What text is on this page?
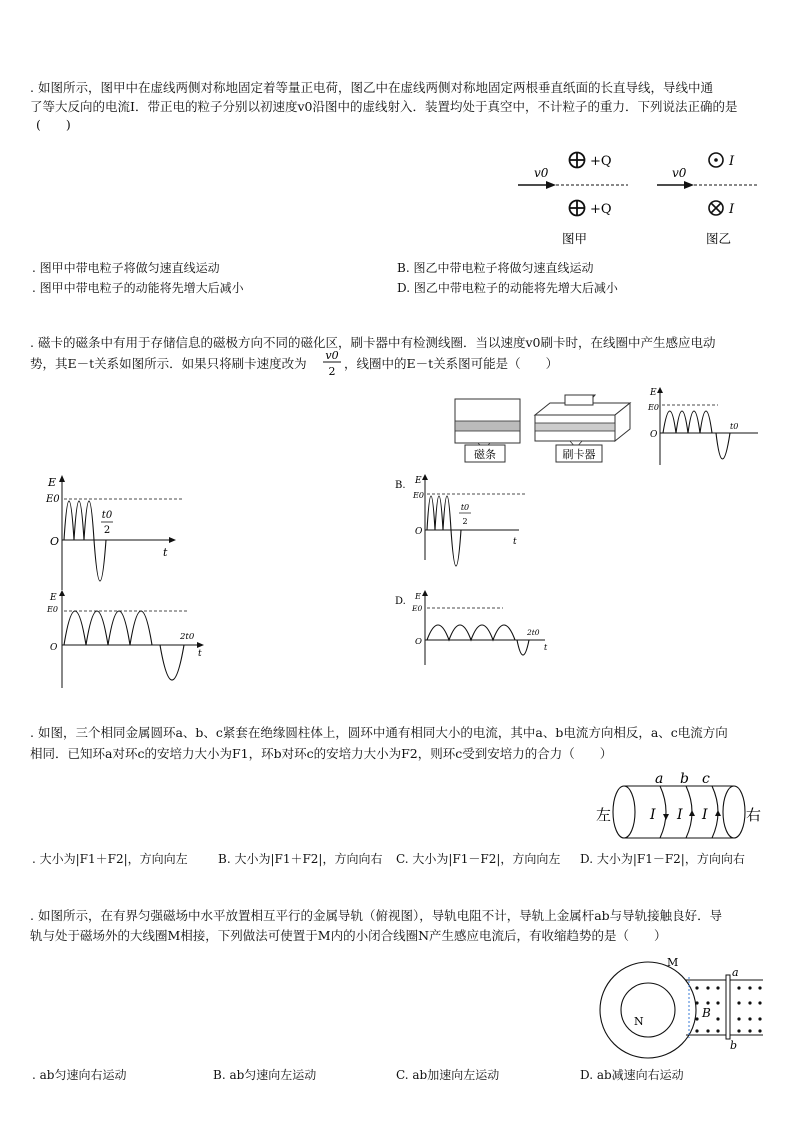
. 如图所示，图甲中在虚线两侧对称地固定着等量正电荷，图乙中在虚线两侧对称地固定两根垂直纸面的长直导线，导线中通
了等大反向的电流I．带正电的粒子分别以初速度v0沿图中的虚线射入．装置均处于真空中，不计粒子的重力．下列说法正确的是
(　　)
v0
+Q
+Q
图甲
v0
I
I
图乙
. 图甲中带电粒子将做匀速直线运动	B. 图乙中带电粒子将做匀速直线运动
. 图甲中带电粒子的动能将先增大后减小	D. 图乙中带电粒子的动能将先增大后减小
. 磁卡的磁条中有用于存储信息的磁极方向不同的磁化区，刷卡器中有检测线圈．当以速度v0刷卡时，在线圈中产生感应电动
势，其E－t关系如图所示．如果只将刷卡速度改为
v0
2
，线圈中的E－t关系图可能是（　　）
磁条	刷卡器
E
E0
O
t0
E
E0
O
t
t0
2
B. E
E0
O
t
t0
2
E
E0
O
t
2t0
D. E
E0
O
t
2t0
. 如图，三个相同金属圆环a、b、c紧套在绝缘圆柱体上，圆环中通有相同大小的电流，其中a、b电流方向相反，a、c电流方向
相同．已知环a对环c的安培力大小为F1，环b对环c的安培力大小为F2，则环c受到安培力的合力（　　）
左	右
a b c
I I I
. 大小为|F1＋F2|，方向向左	B. 大小为|F1＋F2|，方向向右 C. 大小为|F1－F2|，方向向左 D. 大小为|F1－F2|，方向向右
. 如图所示，在有界匀强磁场中水平放置相互平行的金属导轨（俯视图），导轨电阻不计，导轨上金属杆ab与导轨接触良好．导
轨与处于磁场外的大线圈M相接，下列做法可使置于M内的小闭合线圈N产生感应电流后，有收缩趋势的是（　　）
N
M
a
b
B
. ab匀速向右运动	B. ab匀速向左运动	C. ab加速向左运动	D. ab减速向右运动
